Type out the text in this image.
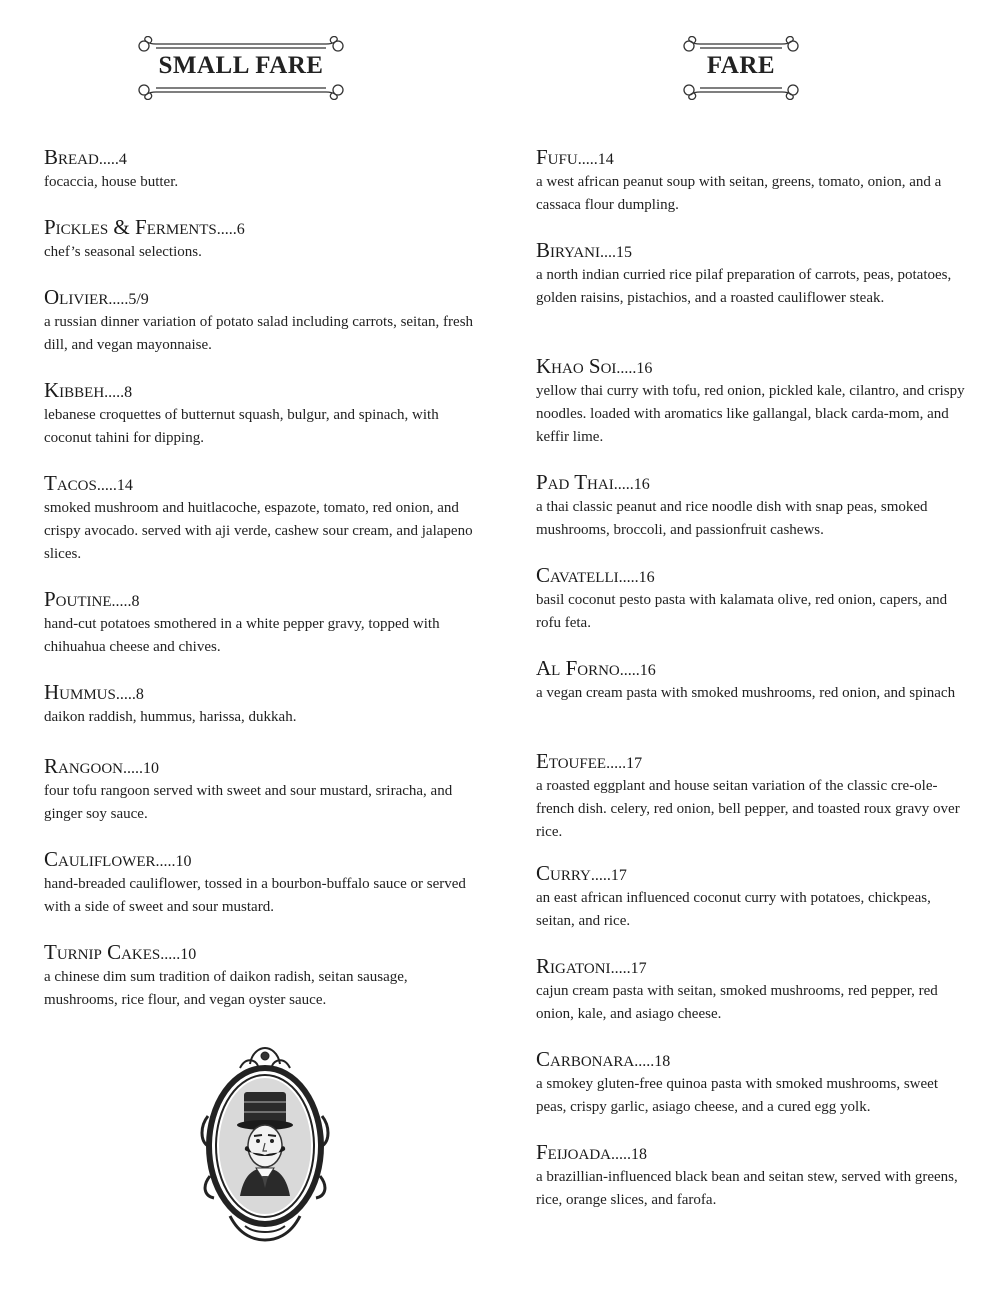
SMALL FARE	FARE
Bread.....4
focaccia, house butter.
Pickles & Ferments.....6
chef’s seasonal selections.
Olivier.....5/9
a russian dinner variation of potato salad including carrots, seitan, fresh dill, and vegan mayonnaise.
Kibbeh.....8
lebanese croquettes of butternut squash, bulgur, and spinach, with coconut tahini for dipping.
Tacos.....14
smoked mushroom and huitlacoche, espazote, tomato, red onion, and crispy avocado. served with aji verde, cashew sour cream, and jalapeno slices.
Poutine.....8
hand-cut potatoes smothered in a white pepper gravy, topped with chihuahua cheese and chives.
Hummus.....8
daikon raddish, hummus, harissa, dukkah.
Rangoon.....10
four tofu rangoon served with sweet and sour mustard, sriracha, and ginger soy sauce.
Cauliflower.....10
hand-breaded cauliflower, tossed in a bourbon-buffalo sauce or served with a side of sweet and sour mustard.
Turnip Cakes.....10
a chinese dim sum tradition of daikon radish, seitan sausage, mushrooms, rice flour, and vegan oyster sauce.
Fufu.....14
a west african peanut soup with seitan, greens, tomato, onion, and a cassaca flour dumpling.
Biryani....15
a north indian curried rice pilaf preparation of carrots, peas, potatoes, golden raisins, pistachios, and a roasted cauliflower steak.
Khao Soi.....16
yellow thai curry with tofu, red onion, pickled kale, cilantro, and crispy noodles. loaded with aromatics like gallangal, black carda-mom, and keffir lime.
Pad Thai.....16
a thai classic peanut and rice noodle dish with snap peas, smoked mushrooms, broccoli, and passionfruit cashews.
Cavatelli.....16
basil coconut pesto pasta with kalamata olive, red onion, capers, and rofu feta.
Al Forno.....16
a vegan cream pasta with smoked mushrooms, red onion, and spinach
Etoufee.....17
a roasted eggplant and house seitan variation of the classic cre-ole-french dish. celery, red onion, bell pepper, and toasted roux gravy over rice.
Curry.....17
an east african influenced coconut curry with potatoes, chickpeas, seitan, and rice.
Rigatoni.....17
cajun cream pasta with seitan, smoked mushrooms, red pepper, red onion, kale, and asiago cheese.
Carbonara.....18
a smokey gluten-free quinoa pasta with smoked mushrooms, sweet peas, crispy garlic, asiago cheese, and a cured egg yolk.
Feijoada.....18
a brazillian-influenced black bean and seitan stew, served with greens, rice, orange slices, and farofa.
